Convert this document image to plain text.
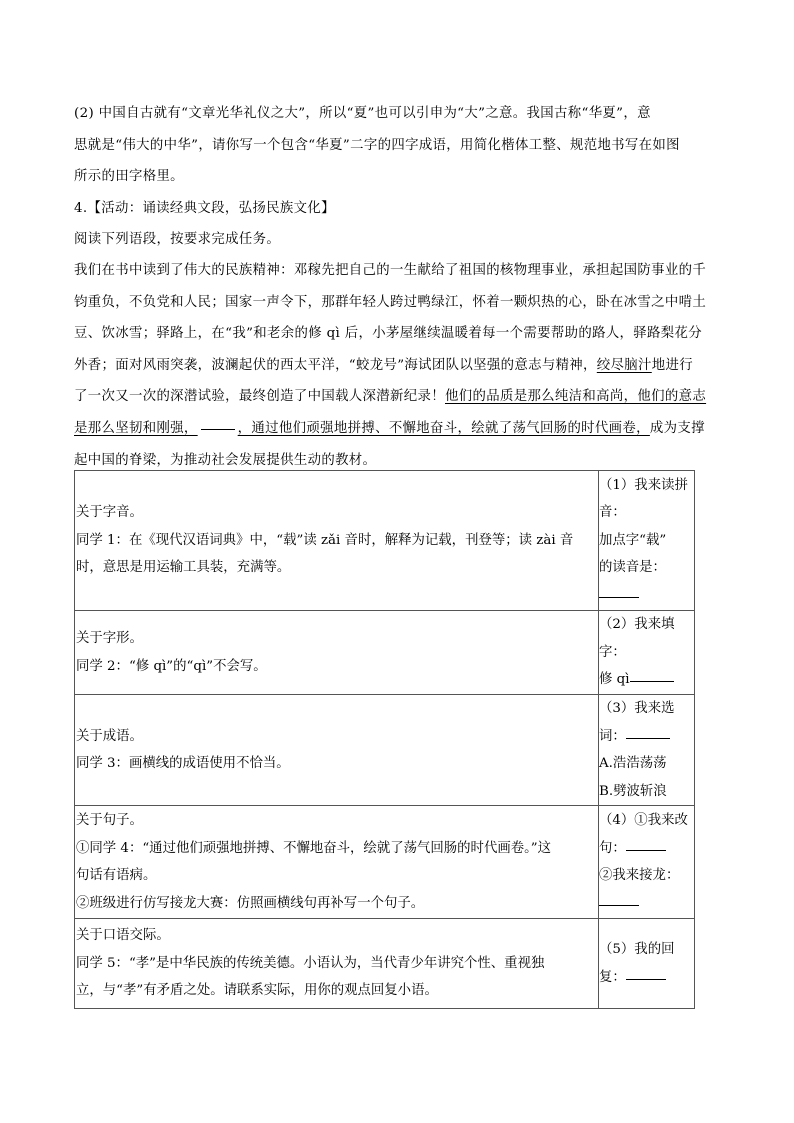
(2) 中国自古就有“文章光华礼仪之大”，所以“夏”也可以引申为“大”之意。我国古称“华夏”，意
思就是“伟大的中华”，请你写一个包含“华夏”二字的四字成语，用简化楷体工整、规范地书写在如图
所示的田字格里。
4.【活动：诵读经典文段，弘扬民族文化】
阅读下列语段，按要求完成任务。
我们在书中读到了伟大的民族精神：邓稼先把自己的一生献给了祖国的核物理事业，承担起国防事业的千
钧重负，不负党和人民；国家一声令下，那群年轻人跨过鸭绿江，怀着一颗炽热的心，卧在冰雪之中啃土
豆、饮冰雪；驿路上，在“我”和老余的修 qì 后，小茅屋继续温暖着每一个需要帮助的路人，驿路梨花分
外香；面对风雨突袭，波澜起伏的西太平洋，“蛟龙号”海试团队以坚强的意志与精神，绞尽脑汁地进行
了一次又一次的深潜试验，最终创造了中国载人深潜新纪录！他们的品质是那么纯洁和高尚，他们的意志
是那么坚韧和刚强，	，通过他们顽强地拼搏、不懈地奋斗，绘就了荡气回肠的时代画卷，成为支撑
起中国的脊梁，为推动社会发展提供生动的教材。
关于字音。
同学 1：在《现代汉语词典》中，“载”读 zǎi 音时，解释为记载，刊登等；读 zài 音
时，意思是用运输工具装，充满等。	（1）我来读拼
音：
加点字“载”
的读音是：

关于字形。
同学 2：“修 qì”的“qì”不会写。	（2）我来填
字：
修 qì

关于成语。
同学 3：画横线的成语使用不恰当。	（3）我来选
词：
A.浩浩荡荡
B.劈波斩浪

关于句子。
①同学 4：“通过他们顽强地拼搏、不懈地奋斗，绘就了荡气回肠的时代画卷。”这
句话有语病。
②班级进行仿写接龙大赛：仿照画横线句再补写一个句子。	（4）①我来改
句：
②我来接龙：

关于口语交际。
同学 5：“孝”是中华民族的传统美德。小语认为，当代青少年讲究个性、重视独
立，与“孝”有矛盾之处。请联系实际，用你的观点回复小语。	（5）我的回
复：
